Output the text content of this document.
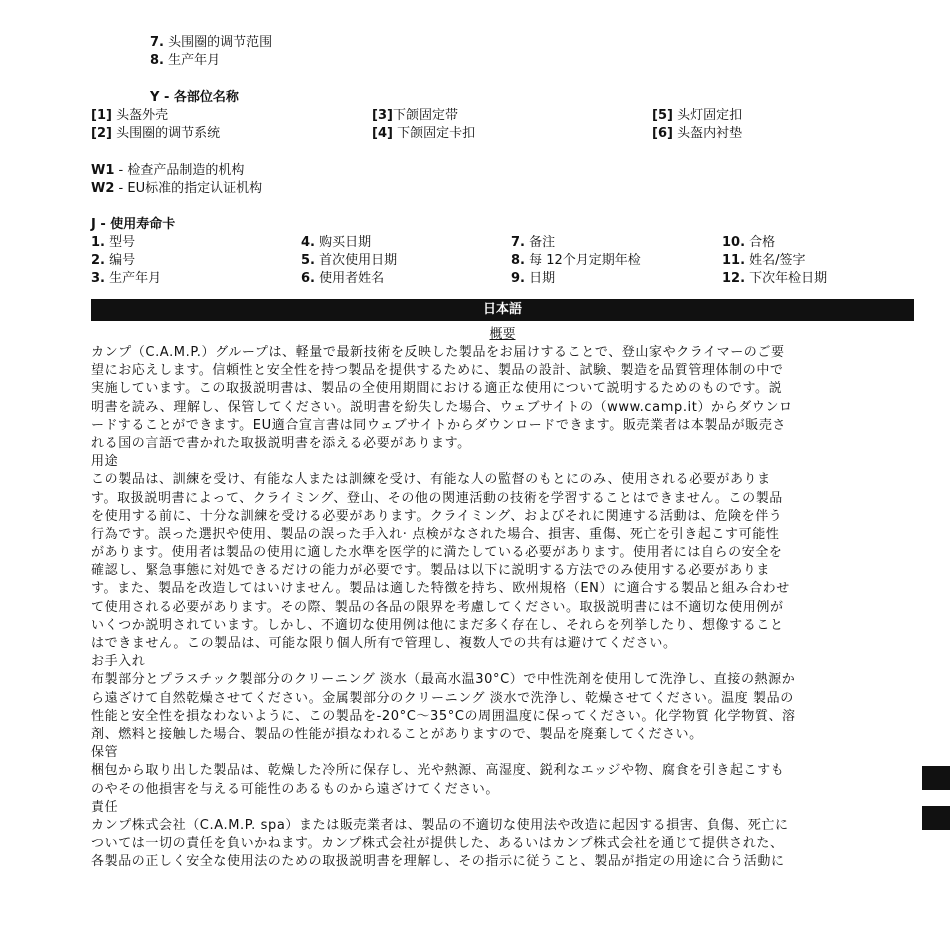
7. 头围圈的调节范围
8. 生产年月
Y - 各部位名称
[1] 头盔外壳	[3]下颌固定带	[5] 头灯固定扣
[2] 头围圈的调节系统	[4] 下颌固定卡扣	[6] 头盔内衬垫
W1 - 检查产品制造的机构
W2 - EU标准的指定认证机构
J - 使用寿命卡
1. 型号	4. 购买日期	7. 备注	10. 合格
2. 编号	5. 首次使用日期	8. 每 12个月定期年检	11. 姓名/签字
3. 生产年月	6. 使用者姓名	9. 日期	12. 下次年检日期
日本語
概要
カンプ（C.A.M.P.）グループは、軽量で最新技術を反映した製品をお届けすることで、登山家やクライマーのご要
望にお応えします。信頼性と安全性を持つ製品を提供するために、製品の設計、試験、製造を品質管理体制の中で
実施しています。この取扱説明書は、製品の全使用期間における適正な使用について説明するためのものです。説
明書を読み、理解し、保管してください。説明書を紛失した場合、ウェブサイトの（www.camp.it）からダウンロ
ードすることができます。EU適合宣言書は同ウェブサイトからダウンロードできます。販売業者は本製品が販売さ
れる国の言語で書かれた取扱説明書を添える必要があります。
用途
この製品は、訓練を受け、有能な人または訓練を受け、有能な人の監督のもとにのみ、使用される必要がありま
す。取扱説明書によって、クライミング、登山、その他の関連活動の技術を学習することはできません。この製品
を使用する前に、十分な訓練を受ける必要があります。クライミング、およびそれに関連する活動は、危険を伴う
行為です。誤った選択や使用、製品の誤った手入れ· 点検がなされた場合、損害、重傷、死亡を引き起こす可能性
があります。使用者は製品の使用に適した水準を医学的に満たしている必要があります。使用者には自らの安全を
確認し、緊急事態に対処できるだけの能力が必要です。製品は以下に説明する方法でのみ使用する必要がありま
す。また、製品を改造してはいけません。製品は適した特徴を持ち、欧州規格（EN）に適合する製品と組み合わせ
て使用される必要があります。その際、製品の各品の限界を考慮してください。取扱説明書には不適切な使用例が
いくつか説明されています。しかし、不適切な使用例は他にまだ多く存在し、それらを列挙したり、想像すること
はできません。この製品は、可能な限り個人所有で管理し、複数人での共有は避けてください。
お手入れ
布製部分とプラスチック製部分のクリーニング 淡水（最高水温30°C）で中性洗剤を使用して洗浄し、直接の熱源か
ら遠ざけて自然乾燥させてください。金属製部分のクリーニング 淡水で洗浄し、乾燥させてください。温度 製品の
性能と安全性を損なわないように、この製品を-20°C〜35°Cの周囲温度に保ってください。化学物質 化学物質、溶
剤、燃料と接触した場合、製品の性能が損なわれることがありますので、製品を廃棄してください。
保管
梱包から取り出した製品は、乾燥した冷所に保存し、光や熱源、高湿度、鋭利なエッジや物、腐食を引き起こすも
のやその他損害を与える可能性のあるものから遠ざけてください。
責任
カンプ株式会社（C.A.M.P. spa）または販売業者は、製品の不適切な使用法や改造に起因する損害、負傷、死亡に
ついては一切の責任を負いかねます。カンプ株式会社が提供した、あるいはカンプ株式会社を通じて提供された、
各製品の正しく安全な使用法のための取扱説明書を理解し、その指示に従うこと、製品が指定の用途に合う活動に
